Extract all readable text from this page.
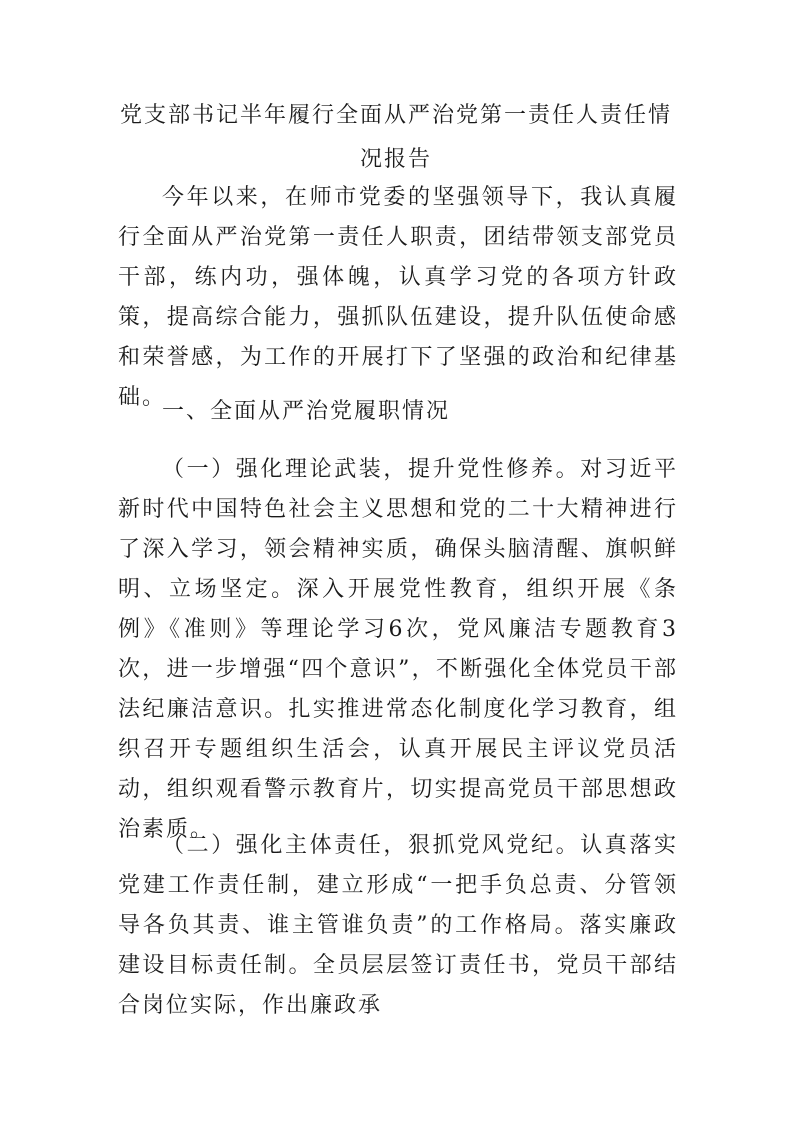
党支部书记半年履行全面从严治党第一责任人责任情况报告

今年以来，在师市党委的坚强领导下，我认真履行全面从严治党第一责任人职责，团结带领支部党员干部，练内功，强体魄，认真学习党的各项方针政策，提高综合能力，强抓队伍建设，提升队伍使命感和荣誉感，为工作的开展打下了坚强的政治和纪律基础。

一、全面从严治党履职情况

（一）强化理论武装，提升党性修养。对习近平新时代中国特色社会主义思想和党的二十大精神进行了深入学习，领会精神实质，确保头脑清醒、旗帜鲜明、立场坚定。深入开展党性教育，组织开展《条例》《准则》等理论学习6次，党风廉洁专题教育3次，进一步增强“四个意识”，不断强化全体党员干部法纪廉洁意识。扎实推进常态化制度化学习教育，组织召开专题组织生活会，认真开展民主评议党员活动，组织观看警示教育片，切实提高党员干部思想政治素质。

（二）强化主体责任，狠抓党风党纪。认真落实党建工作责任制，建立形成“一把手负总责、分管领导各负其责、谁主管谁负责”的工作格局。落实廉政建设目标责任制。全员层层签订责任书，党员干部结合岗位实际，作出廉政承
